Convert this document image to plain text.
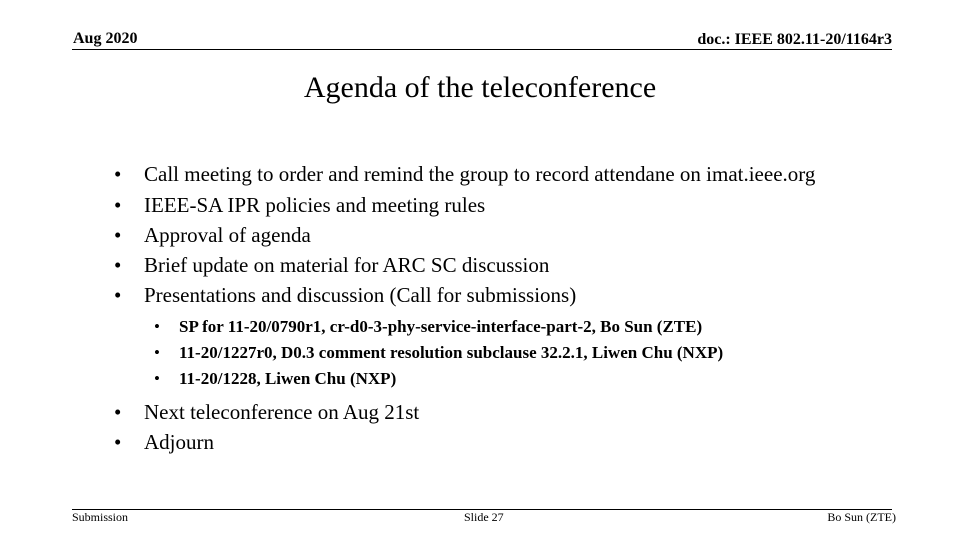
Aug 2020	doc.: IEEE 802.11-20/1164r3
Agenda of the teleconference
• Call meeting to order and remind the group to record attendane on imat.ieee.org
• IEEE-SA IPR policies and meeting rules
• Approval of agenda
• Brief update on material for ARC SC discussion
• Presentations and discussion (Call for submissions)
• SP for 11-20/0790r1, cr-d0-3-phy-service-interface-part-2, Bo Sun (ZTE)
• 11-20/1227r0, D0.3 comment resolution subclause 32.2.1, Liwen Chu (NXP)
• 11-20/1228, Liwen Chu (NXP)
• Next teleconference on Aug 21st
• Adjourn
Submission	Slide 27	Bo Sun (ZTE)
